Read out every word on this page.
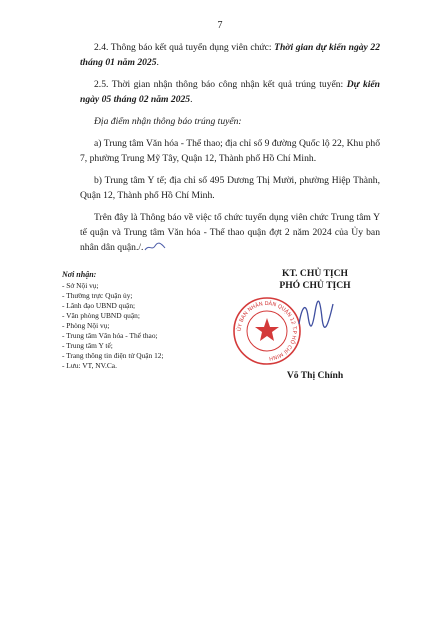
7

2.4. Thông báo kết quả tuyển dụng viên chức: Thời gian dự kiến ngày 22 tháng 01 năm 2025.

2.5. Thời gian nhận thông báo công nhận kết quả trúng tuyển: Dự kiến ngày 05 tháng 02 năm 2025.

Địa điểm nhận thông báo trúng tuyển:

a) Trung tâm Văn hóa - Thể thao; địa chỉ số 9 đường Quốc lộ 22, Khu phố 7, phường Trung Mỹ Tây, Quận 12, Thành phố Hồ Chí Minh.

b) Trung tâm Y tế; địa chỉ số 495 Dương Thị Mười, phường Hiệp Thành, Quận 12, Thành phố Hồ Chí Minh.

Trên đây là Thông báo về việc tổ chức tuyển dụng viên chức Trung tâm Y tế quận và Trung tâm Văn hóa - Thể thao quận đợt 2 năm 2024 của Ủy ban nhân dân quận./.

Nơi nhận:
- Sở Nội vụ;
- Thường trực Quận ủy;
- Lãnh đạo UBND quận;
- Văn phòng UBND quận;
- Phòng Nội vụ;
- Trung tâm Văn hóa - Thể thao;
- Trung tâm Y tế;
- Trang thông tin điện tử Quận 12;
- Lưu: VT, NV.Ca.
KT. CHỦ TỊCH
PHÓ CHỦ TỊCH
ỦY BAN NHÂN DÂN QUẬN 12 T.P HỒ CHÍ MINH
Võ Thị Chính
